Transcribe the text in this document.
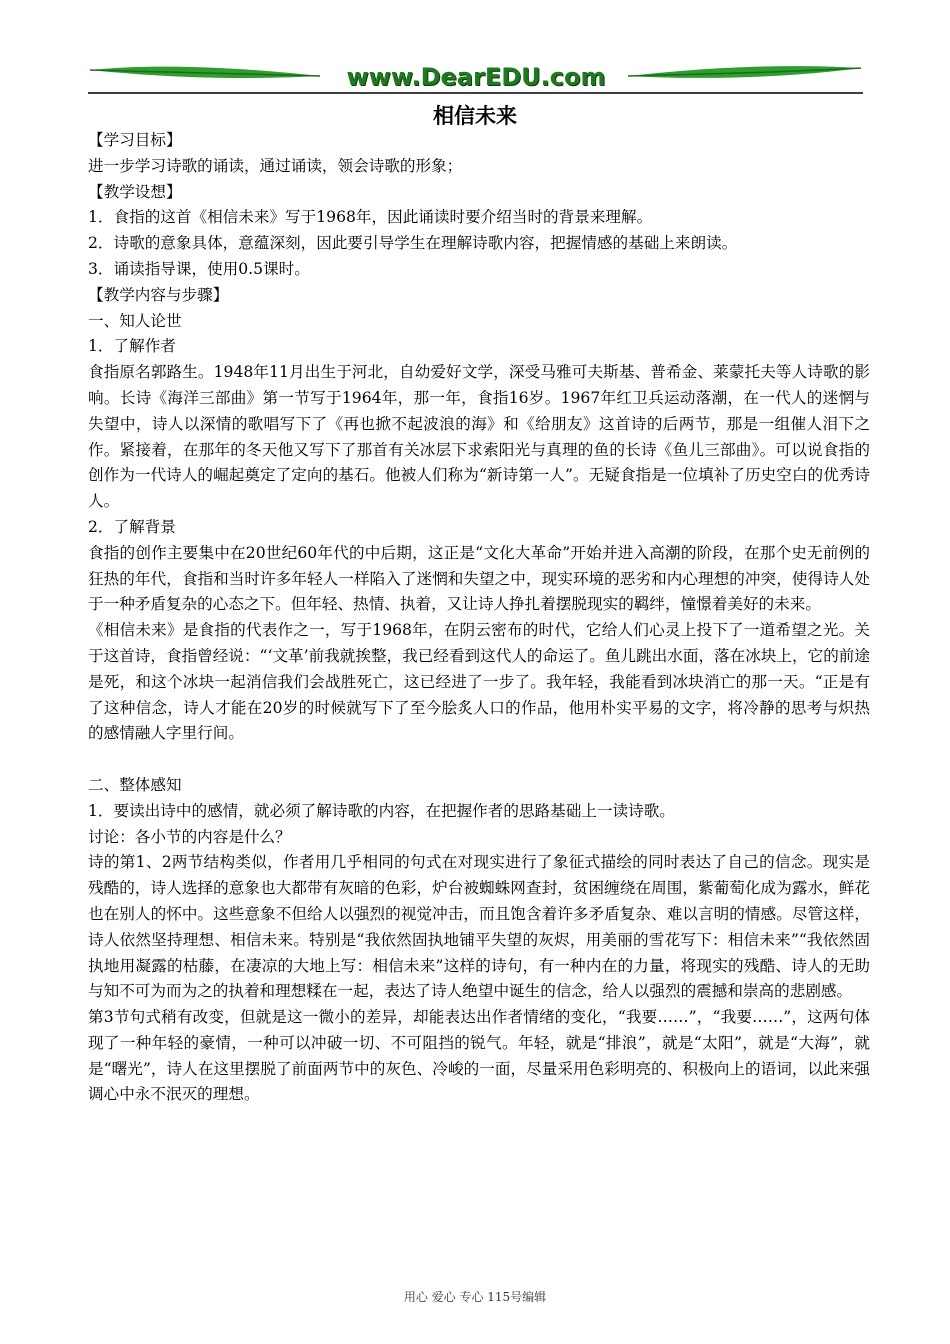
www.DearEDU.com
相信未来

【学习目标】

进一步学习诗歌的诵读，通过诵读，领会诗歌的形象；

【教学设想】

1．食指的这首《相信未来》写于1968年，因此诵读时要介绍当时的背景来理解。

2．诗歌的意象具体，意蕴深刻，因此要引导学生在理解诗歌内容，把握情感的基础上来朗读。

3．诵读指导课，使用0.5课时。

【教学内容与步骤】

一、知人论世

1．了解作者

食指原名郭路生。1948年11月出生于河北，自幼爱好文学，深受马雅可夫斯基、普希金、莱蒙托夫等人诗歌的影响。长诗《海洋三部曲》第一节写于1964年，那一年，食指16岁。1967年红卫兵运动落潮，在一代人的迷惘与失望中，诗人以深情的歌唱写下了《再也掀不起波浪的海》和《给朋友》这首诗的后两节，那是一组催人泪下之作。紧接着，在那年的冬天他又写下了那首有关冰层下求索阳光与真理的鱼的长诗《鱼儿三部曲》。可以说食指的创作为一代诗人的崛起奠定了定向的基石。他被人们称为“新诗第一人”。无疑食指是一位填补了历史空白的优秀诗人。

2．了解背景

食指的创作主要集中在20世纪60年代的中后期，这正是“文化大革命”开始并进入高潮的阶段，在那个史无前例的狂热的年代，食指和当时许多年轻人一样陷入了迷惘和失望之中，现实环境的恶劣和内心理想的冲突，使得诗人处于一种矛盾复杂的心态之下。但年轻、热情、执着，又让诗人挣扎着摆脱现实的羁绊，憧憬着美好的未来。

《相信未来》是食指的代表作之一，写于1968年，在阴云密布的时代，它给人们心灵上投下了一道希望之光。关于这首诗，食指曾经说：“‘文革’前我就挨整，我已经看到这代人的命运了。鱼儿跳出水面，落在冰块上，它的前途是死，和这个冰块一起消信我们会战胜死亡，这已经进了一步了。我年轻，我能看到冰块消亡的那一天。“正是有了这种信念，诗人才能在20岁的时候就写下了至今脍炙人口的作品，他用朴实平易的文字，将冷静的思考与炽热的感情融人字里行间。

二、整体感知

1．要读出诗中的感情，就必须了解诗歌的内容，在把握作者的思路基础上一读诗歌。

讨论：各小节的内容是什么？

诗的第1、2两节结构类似，作者用几乎相同的句式在对现实进行了象征式描绘的同时表达了自己的信念。现实是残酷的，诗人选择的意象也大都带有灰暗的色彩，炉台被蜘蛛网查封，贫困缠绕在周围，紫葡萄化成为露水，鲜花也在别人的怀中。这些意象不但给人以强烈的视觉冲击，而且饱含着许多矛盾复杂、难以言明的情感。尽管这样，诗人依然坚持理想、相信未来。特别是“我依然固执地铺平失望的灰烬，用美丽的雪花写下：相信未来”“我依然固执地用凝露的枯藤，在凄凉的大地上写：相信未来”这样的诗句，有一种内在的力量，将现实的残酷、诗人的无助与知不可为而为之的执着和理想糅在一起，表达了诗人绝望中诞生的信念，给人以强烈的震撼和崇高的悲剧感。

第3节句式稍有改变，但就是这一微小的差异，却能表达出作者情绪的变化，“我要……”，“我要……”，这两句体现了一种年轻的豪情，一种可以冲破一切、不可阻挡的锐气。年轻，就是“排浪”，就是“太阳”，就是“大海”，就是“曙光”，诗人在这里摆脱了前面两节中的灰色、冷峻的一面，尽量采用色彩明亮的、积极向上的语词，以此来强调心中永不泯灭的理想。

用心 爱心 专心 115号编辑
